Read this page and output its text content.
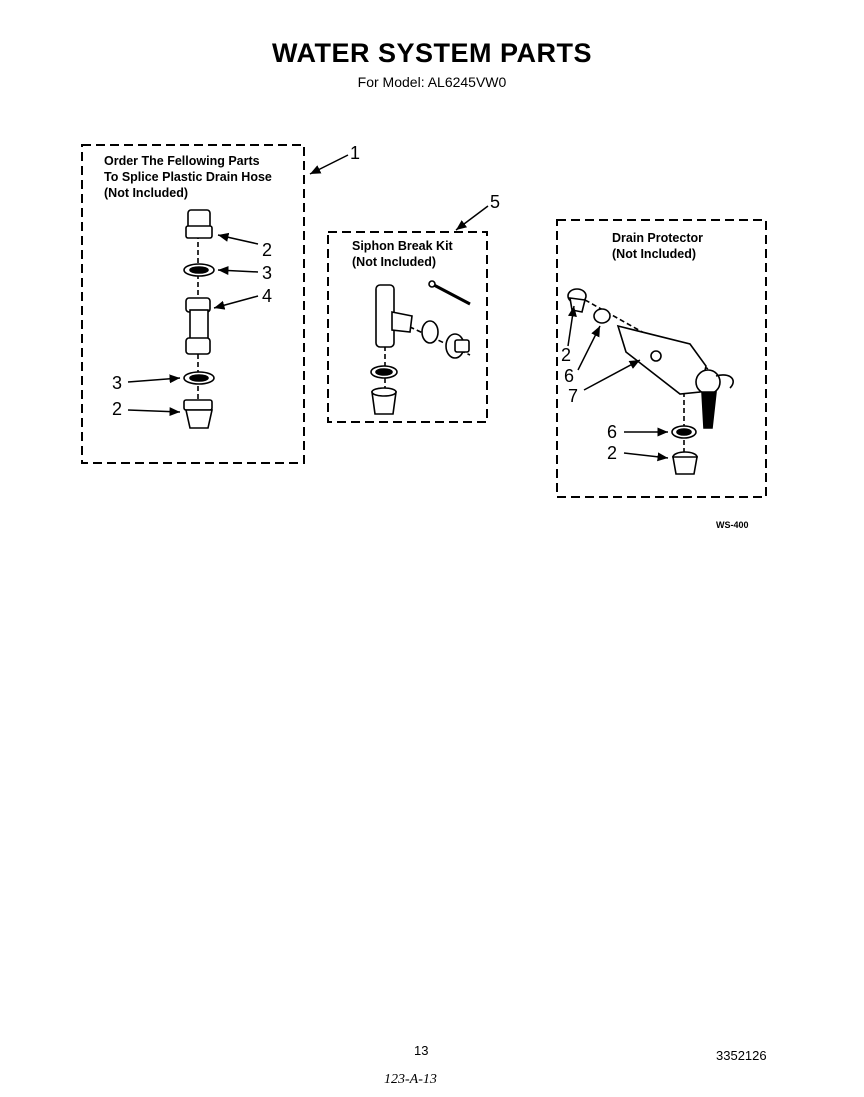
WATER SYSTEM PARTS
For Model: AL6245VW0
Order The Fellowing Parts
To Splice Plastic Drain Hose
(Not Included)
Siphon Break Kit
(Not Included)
Drain Protector
(Not Included)
1
5
2
3
4
3
2
2
6
7
6
2
WS-400
13	3352126
123-A-13
